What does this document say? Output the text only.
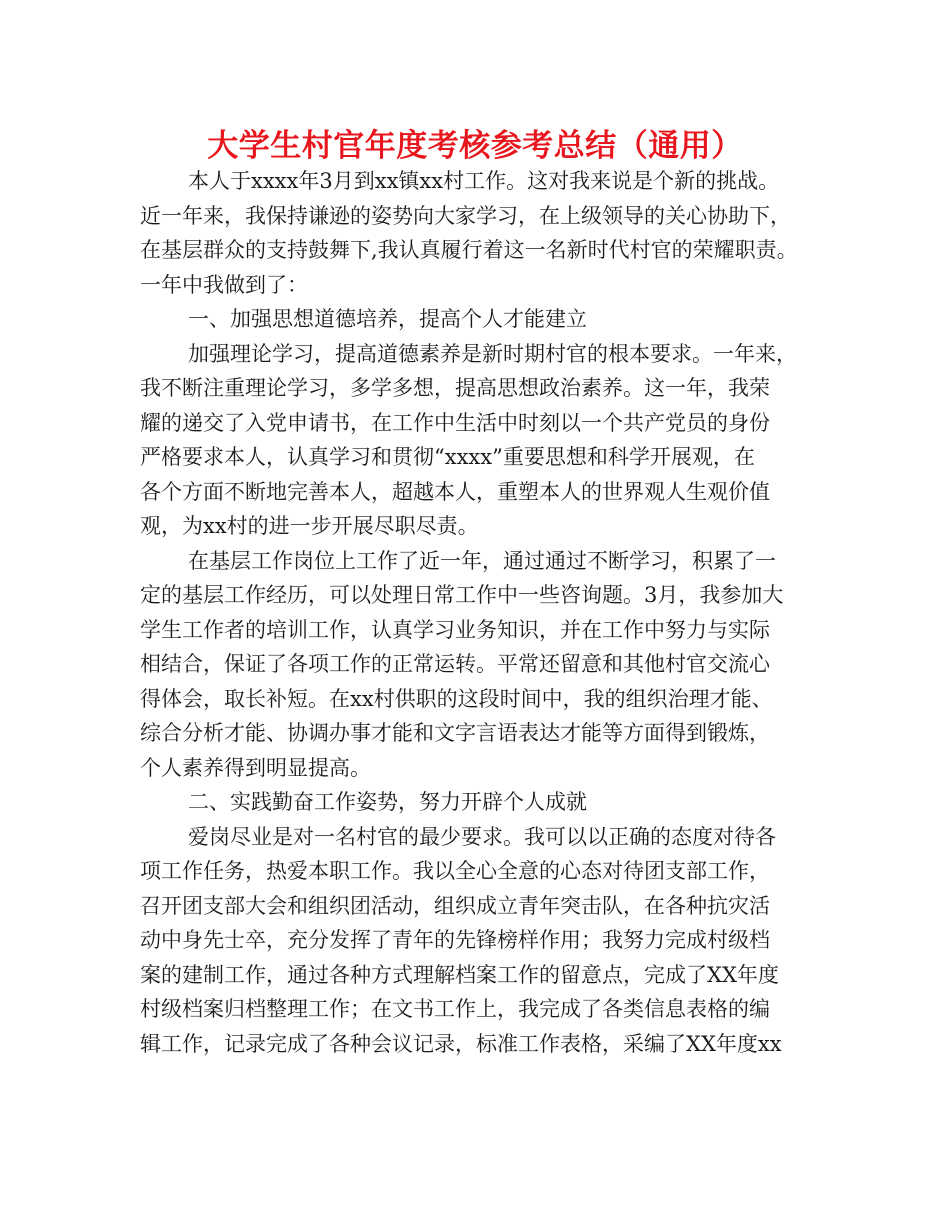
大学生村官年度考核参考总结（通用）
本人于xxxx年3月到xx镇xx村工作。这对我来说是个新的挑战。
近一年来，我保持谦逊的姿势向大家学习，在上级领导的关心协助下，
在基层群众的支持鼓舞下,我认真履行着这一名新时代村官的荣耀职责。
一年中我做到了：
一、加强思想道德培养，提高个人才能建立
加强理论学习，提高道德素养是新时期村官的根本要求。一年来，
我不断注重理论学习，多学多想，提高思想政治素养。这一年，我荣
耀的递交了入党申请书，在工作中生活中时刻以一个共产党员的身份
严格要求本人，认真学习和贯彻“xxxx”重要思想和科学开展观，在
各个方面不断地完善本人，超越本人，重塑本人的世界观人生观价值
观，为xx村的进一步开展尽职尽责。
在基层工作岗位上工作了近一年，通过通过不断学习，积累了一
定的基层工作经历，可以处理日常工作中一些咨询题。3月，我参加大
学生工作者的培训工作，认真学习业务知识，并在工作中努力与实际
相结合，保证了各项工作的正常运转。平常还留意和其他村官交流心
得体会，取长补短。在xx村供职的这段时间中，我的组织治理才能、
综合分析才能、协调办事才能和文字言语表达才能等方面得到锻炼，
个人素养得到明显提高。
二、实践勤奋工作姿势，努力开辟个人成就
爱岗尽业是对一名村官的最少要求。我可以以正确的态度对待各
项工作任务，热爱本职工作。我以全心全意的心态对待团支部工作，
召开团支部大会和组织团活动，组织成立青年突击队，在各种抗灾活
动中身先士卒，充分发挥了青年的先锋榜样作用；我努力完成村级档
案的建制工作，通过各种方式理解档案工作的留意点，完成了XX年度
村级档案归档整理工作；在文书工作上，我完成了各类信息表格的编
辑工作，记录完成了各种会议记录，标准工作表格，采编了XX年度xx
